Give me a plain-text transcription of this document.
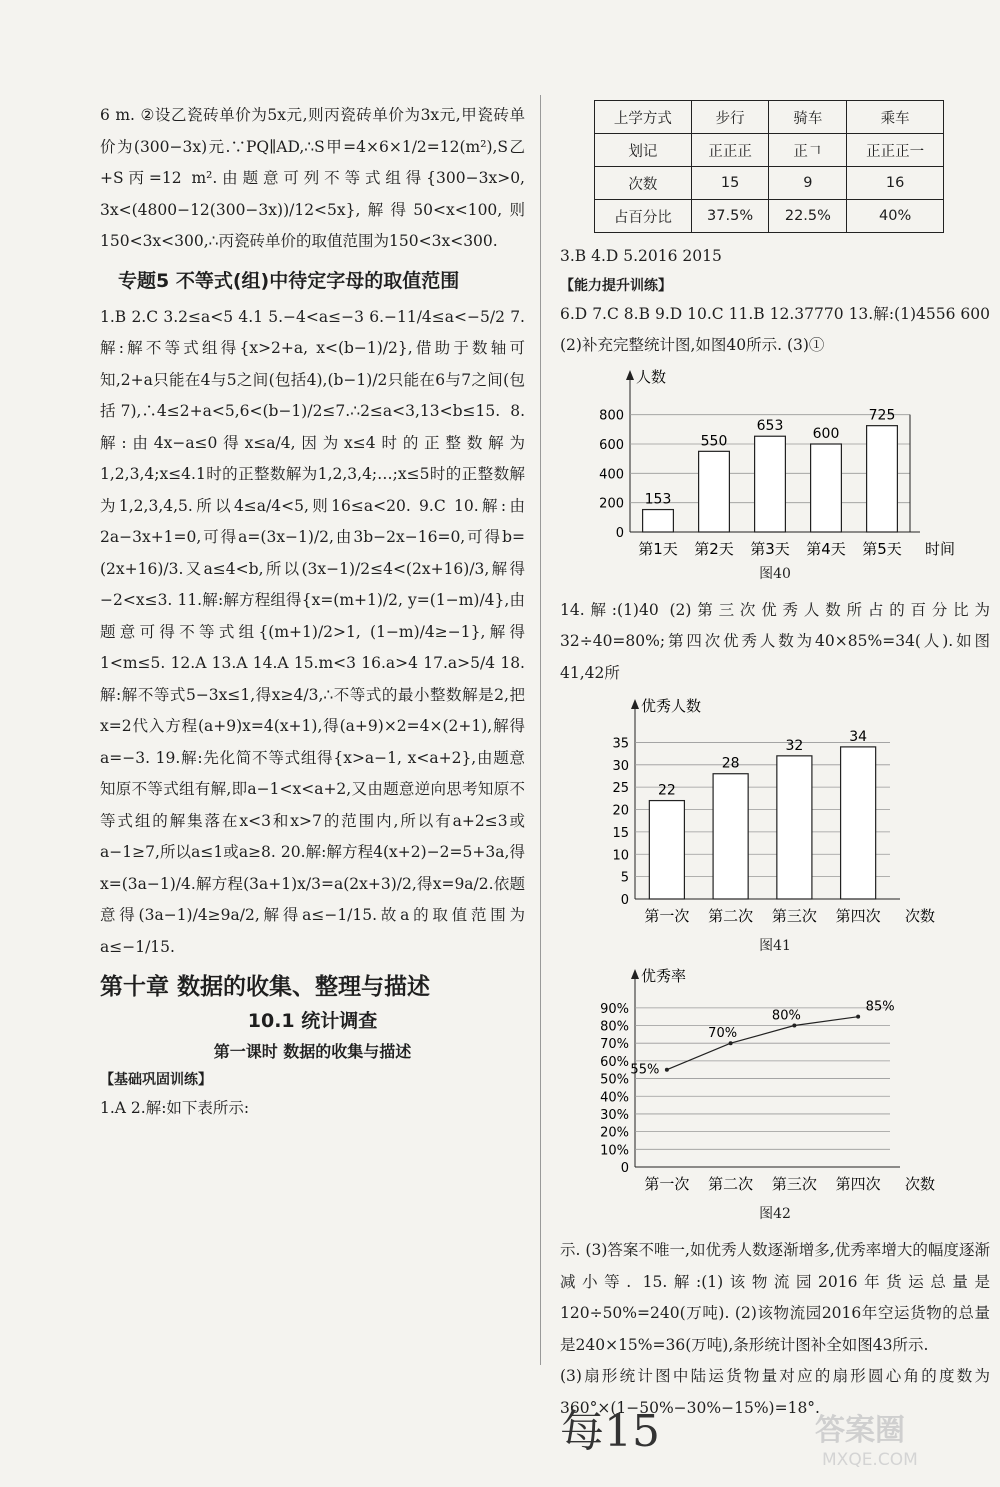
6 m. ②设乙瓷砖单价为5x元,则丙瓷砖单价为3x元,甲瓷砖单价为(300−3x)元.∵PQ∥AD,∴S甲=4×6×1/2=12(m²),S乙+S丙=12 m².由题意可列不等式组得{300−3x>0, 3x<(4800−12(300−3x))/12<5x},解得50<x<100,则150<3x<300,∴丙瓷砖单价的取值范围为150<3x<300.

专题5 不等式(组)中待定字母的取值范围

1.B 2.C 3.2≤a<5 4.1 5.−4<a≤−3 6.−11/4≤a<−5/2 7.解:解不等式组得{x>2+a, x<(b−1)/2},借助于数轴可知,2+a只能在4与5之间(包括4),(b−1)/2只能在6与7之间(包括7),∴4≤2+a<5,6<(b−1)/2≤7.∴2≤a<3,13<b≤15. 8.解:由4x−a≤0得x≤a/4,因为x≤4时的正整数解为1,2,3,4;x≤4.1时的正整数解为1,2,3,4;…;x≤5时的正整数解为1,2,3,4,5.所以4≤a/4<5,则16≤a<20. 9.C 10.解:由2a−3x+1=0,可得a=(3x−1)/2,由3b−2x−16=0,可得b=(2x+16)/3.又a≤4<b,所以(3x−1)/2≤4<(2x+16)/3,解得−2<x≤3. 11.解:解方程组得{x=(m+1)/2, y=(1−m)/4},由题意可得不等式组{(m+1)/2>1, (1−m)/4≥−1},解得1<m≤5. 12.A 13.A 14.A 15.m<3 16.a>4 17.a>5/4 18.解:解不等式5−3x≤1,得x≥4/3,∴不等式的最小整数解是2,把x=2代入方程(a+9)x=4(x+1),得(a+9)×2=4×(2+1),解得a=−3. 19.解:先化简不等式组得{x>a−1, x<a+2},由题意知原不等式组有解,即a−1<x<a+2,又由题意逆向思考知原不等式组的解集落在x<3和x>7的范围内,所以有a+2≤3或a−1≥7,所以a≤1或a≥8. 20.解:解方程4(x+2)−2=5+3a,得x=(3a−1)/4.解方程(3a+1)x/3=a(2x+3)/2,得x=9a/2.依题意得(3a−1)/4≥9a/2,解得a≤−1/15.故a的取值范围为a≤−1/15.

第十章 数据的收集、整理与描述
10.1 统计调查
第一课时 数据的收集与描述
【基础巩固训练】

1.A 2.解:如下表所示:

上学方式	步行	骑车	乘车
划记	正正正	正𠃍	正正正一
次数	15	9	16
占百分比	37.5%	22.5%	40%

3.B 4.D 5.2016 2015

【能力提升训练】

6.D 7.C 8.B 9.D 10.C 11.B 12.37770 13.解:(1)4556 600 (2)补充完整统计图,如图40所示. (3)①

0
200
400
600
800
人数
时间
第1天
153
第2天
550
第3天
653
第4天
600
第5天
725
图40

14.解:(1)40 (2)第三次优秀人数所占的百分比为32÷40=80%;第四次优秀人数为40×85%=34(人).如图41,42所

0
5
10
15
20
25
30
35
优秀人数
次数
第一次
22
第二次
28
第三次
32
第四次
34
图41
0
10%
20%
30%
40%
50%
60%
70%
80%
90%
优秀率
次数
第一次 第二次 第三次 第四次
55%
70%
80%
85%
图42

示. (3)答案不唯一,如优秀人数逐渐增多,优秀率增大的幅度逐渐减小等. 15.解:(1)该物流园2016年货运总量是120÷50%=240(万吨). (2)该物流园2016年空运货物的总量是240×15%=36(万吨),条形统计图补全如图43所示.

(3)扇形统计图中陆运货物量对应的扇形圆心角的度数为360°×(1−50%−30%−15%)=18°.

每15	答案圈
MXQE.COM
